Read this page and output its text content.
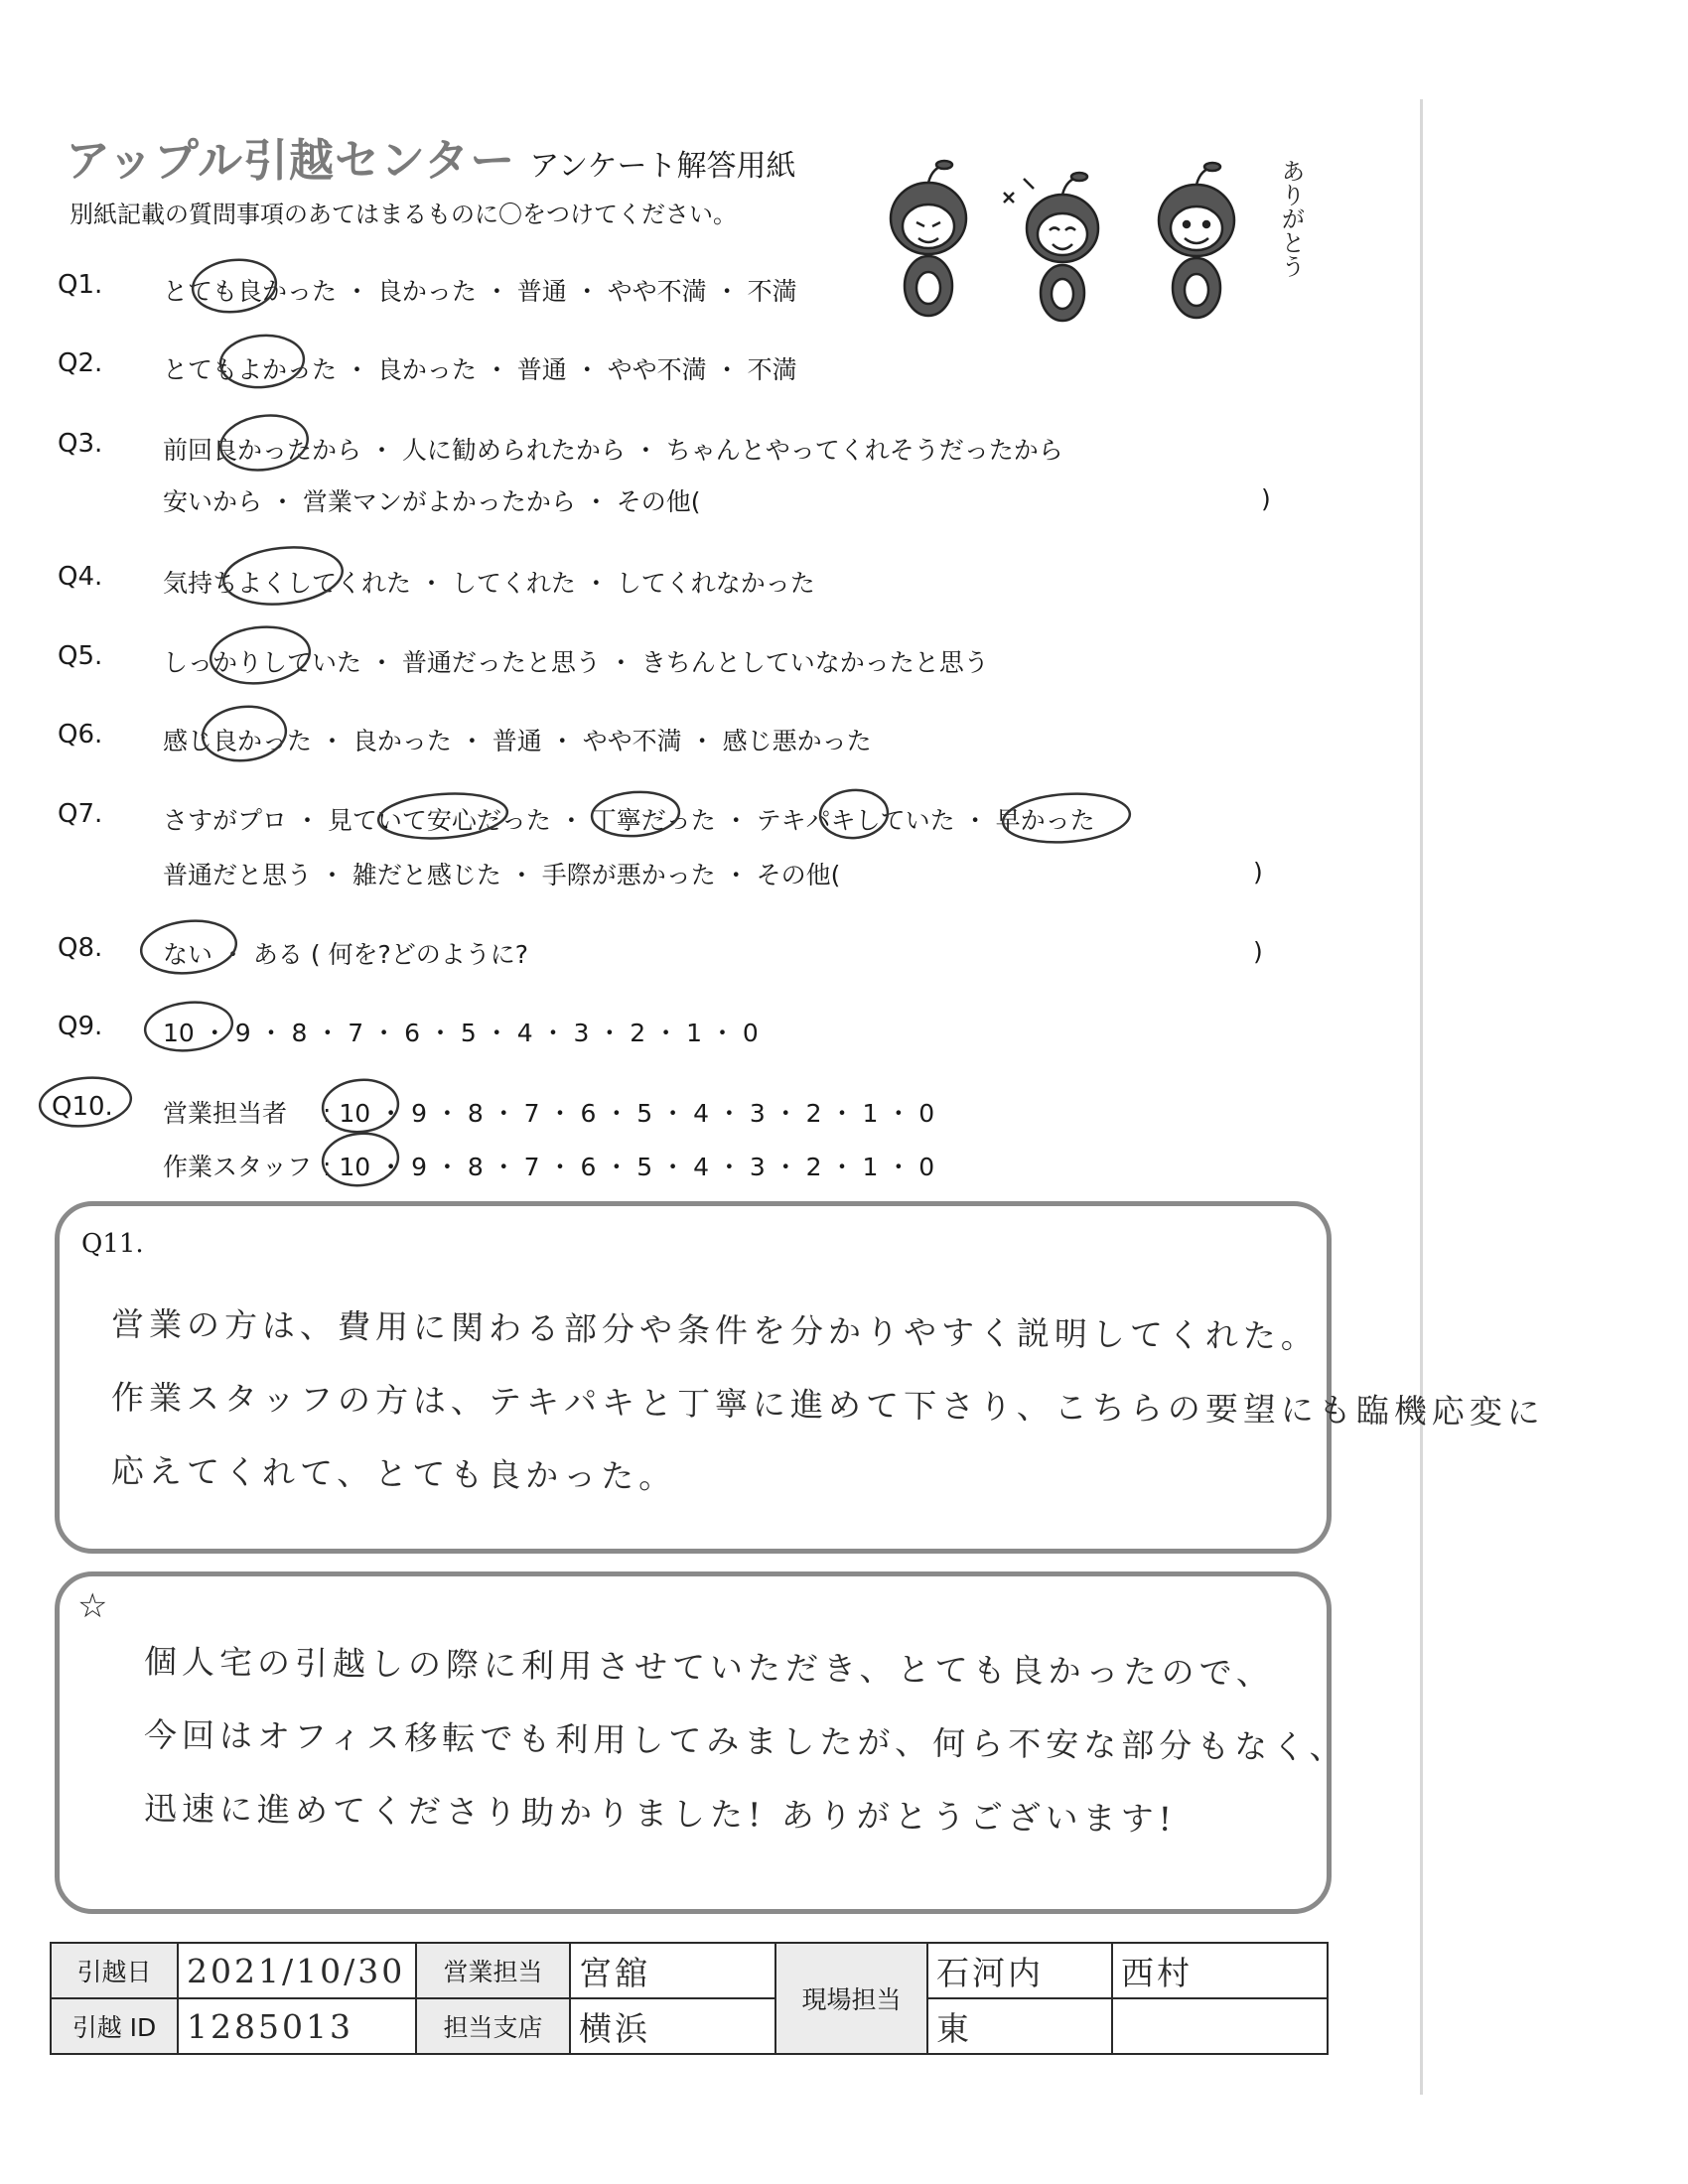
アップル引越センター アンケート解答用紙
別紙記載の質問事項のあてはまるものに〇をつけてください。	ありがとう
Q1. とても良かった ・ 良かった ・ 普通 ・ やや不満 ・ 不満
Q2. とてもよかった ・ 良かった ・ 普通 ・ やや不満 ・ 不満
Q3. 前回良かったから ・ 人に勧められたから ・ ちゃんとやってくれそうだったから
安いから ・ 営業マンがよかったから ・ その他(	)
Q4. 気持ちよくしてくれた ・ してくれた ・ してくれなかった
Q5. しっかりしていた ・ 普通だったと思う ・ きちんとしていなかったと思う
Q6. 感じ良かった ・ 良かった ・ 普通 ・ やや不満 ・ 感じ悪かった
Q7. さすがプロ ・ 見ていて安心だった ・ 丁寧だった ・ テキパキしていた ・ 早かった
普通だと思う ・ 雑だと感じた ・ 手際が悪かった ・ その他(	)
Q8. ない ・ ある ( 何を?どのように?	)
Q9. 10 ・ 9 ・ 8 ・ 7 ・ 6 ・ 5 ・ 4 ・ 3 ・ 2 ・ 1 ・ 0
Q10. 営業担当者 : 10 ・ 9 ・ 8 ・ 7 ・ 6 ・ 5 ・ 4 ・ 3 ・ 2 ・ 1 ・ 0
作業スタッフ : 10 ・ 9 ・ 8 ・ 7 ・ 6 ・ 5 ・ 4 ・ 3 ・ 2 ・ 1 ・ 0
Q11.
営業の方は、費用に関わる部分や条件を分かりやすく説明してくれた。
作業スタッフの方は、テキパキと丁寧に進めて下さり、こちらの要望にも臨機応変に
応えてくれて、とても良かった。
☆
個人宅の引越しの際に利用させていただき、とても良かったので、
今回はオフィス移転でも利用してみましたが、何ら不安な部分もなく、
迅速に進めてくださり助かりました! ありがとうございます!
引越日	2021/10/30	営業担当	宮舘	現場担当	石河内	西村
引越 ID	1285013	担当支店	横浜		東	
